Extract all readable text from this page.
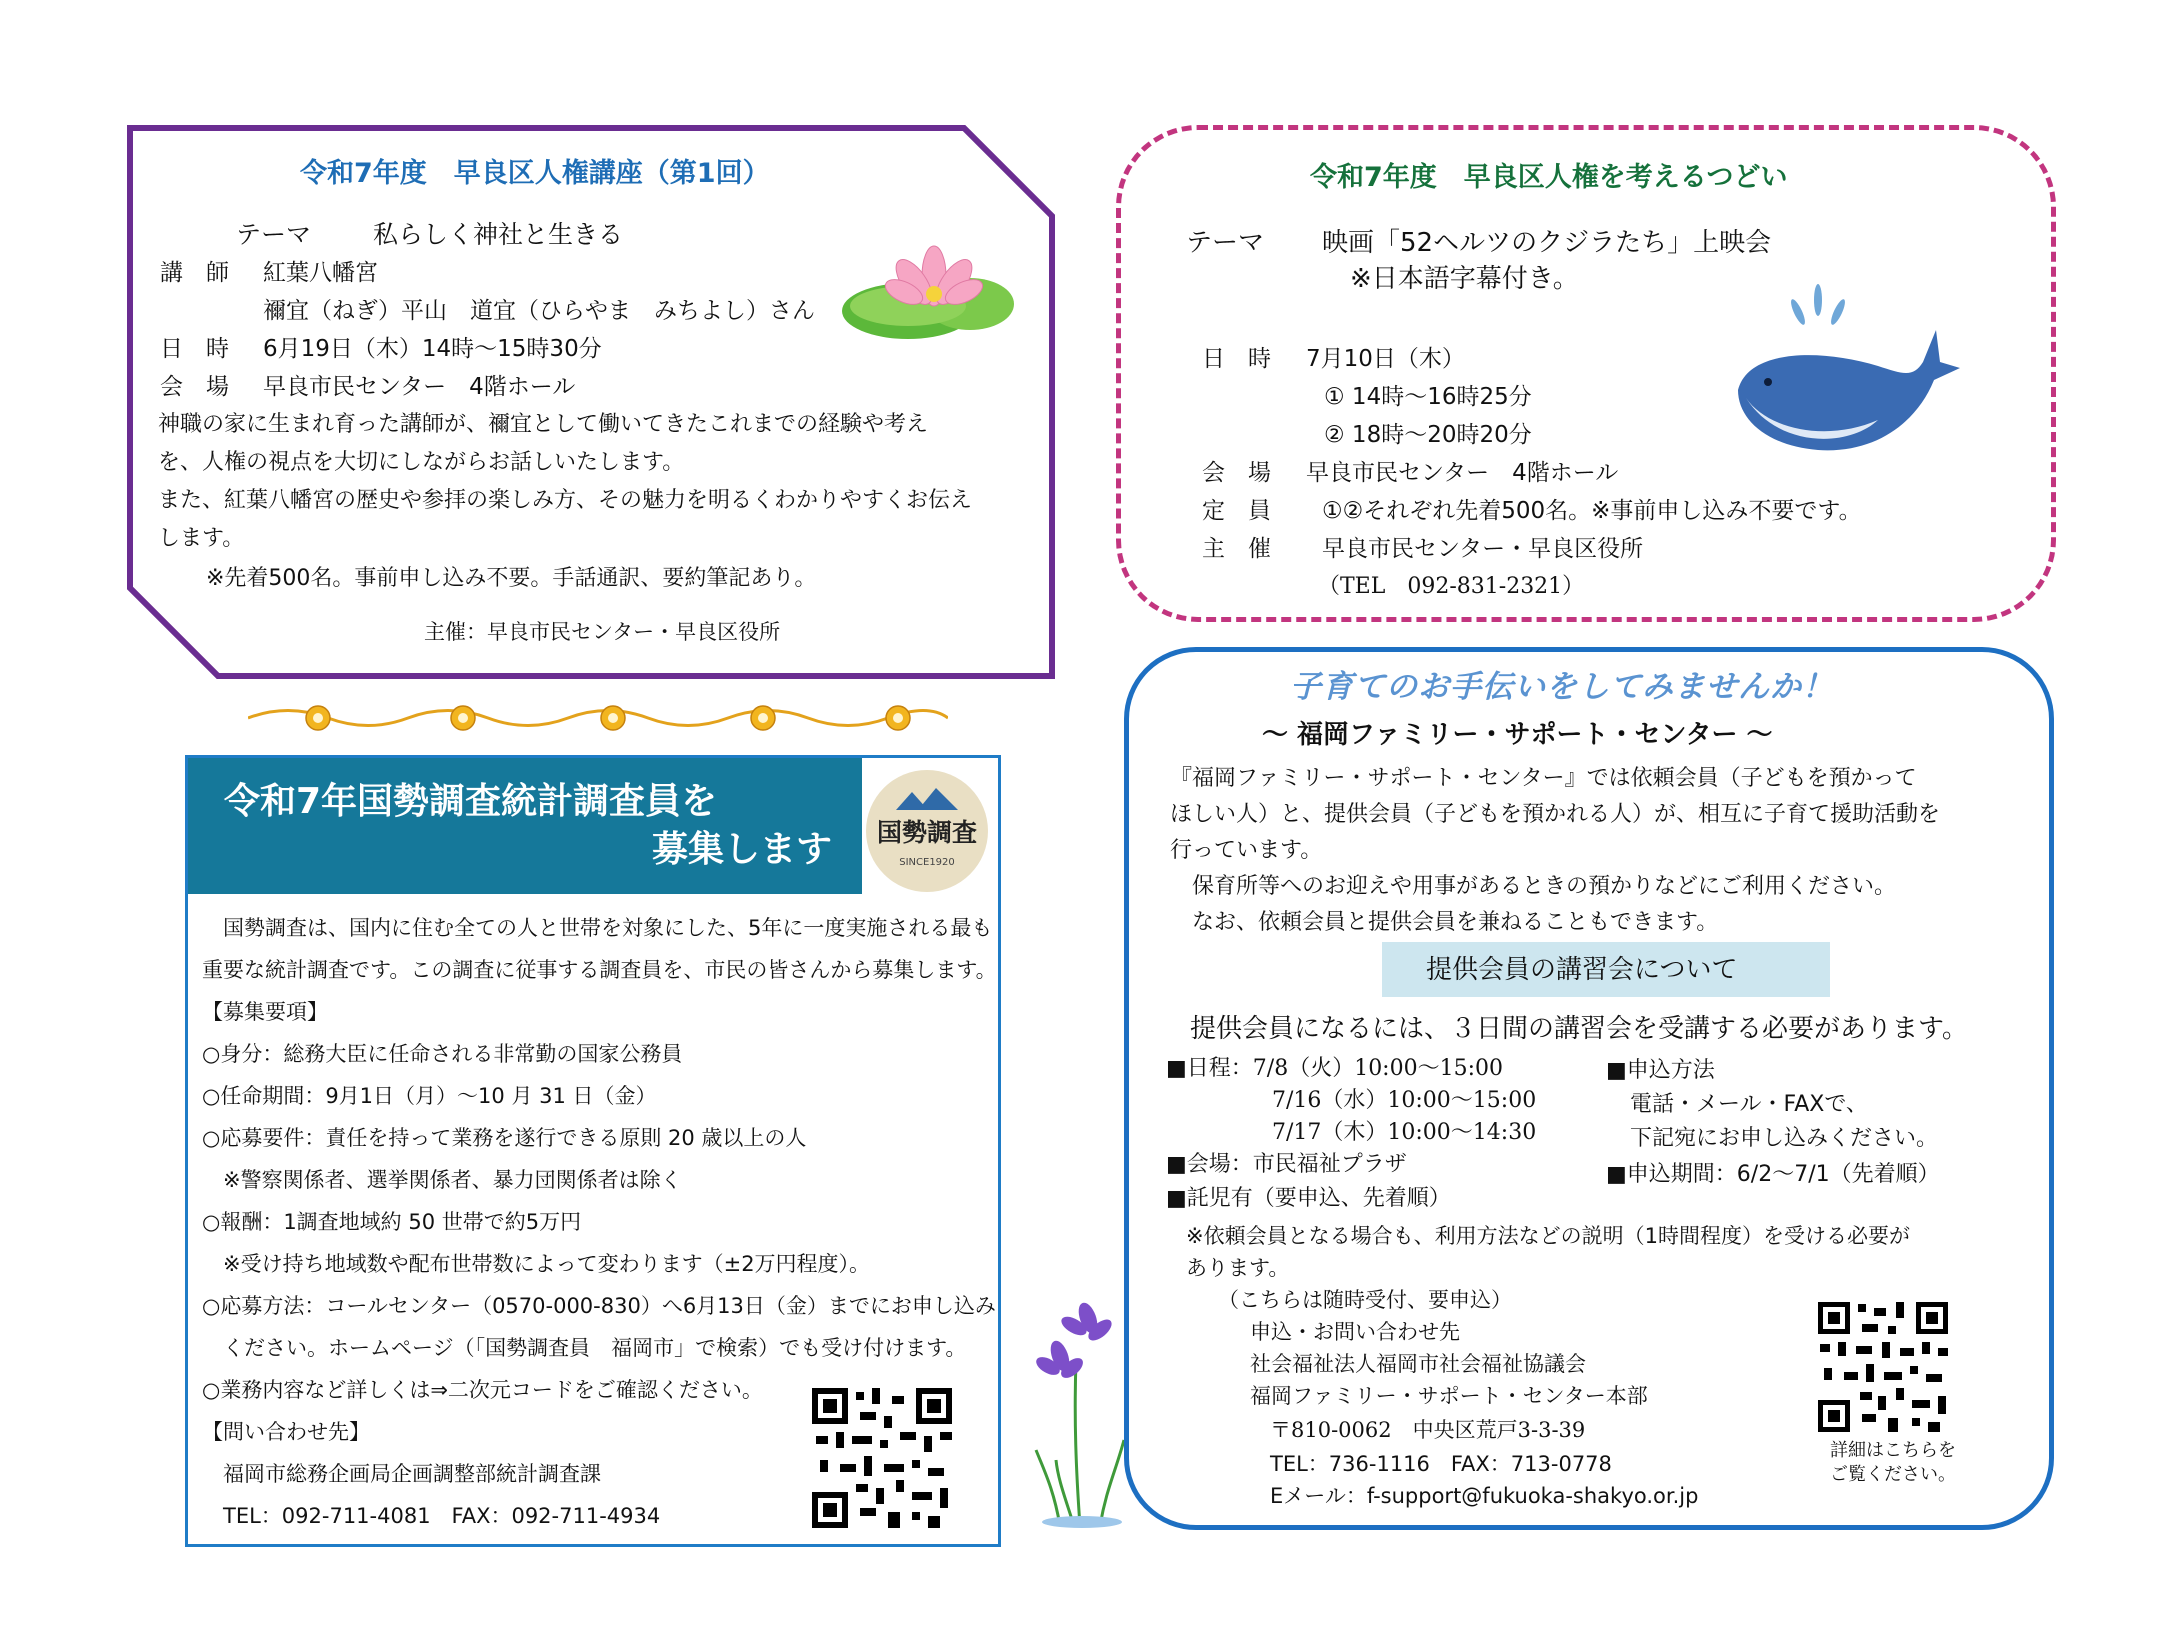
令和7年度　早良区人権講座（第1回）
テーマ 私らしく神社と生きる
講　師 紅葉八幡宮
禰宜（ねぎ）平山　道宜（ひらやま　みちよし）さん
日　時 6月19日（木）14時～15時30分
会　場 早良市民センター　4階ホール
神職の家に生まれ育った講師が、禰宜として働いてきたこれまでの経験や考え
を、人権の視点を大切にしながらお話しいたします。
また、紅葉八幡宮の歴史や参拝の楽しみ方、その魅力を明るくわかりやすくお伝え
します。
※先着500名。事前申し込み不要。手話通訳、要約筆記あり。
主催：早良市民センター・早良区役所
令和7年度　早良区人権を考えるつどい
テーマ 映画「52ヘルツのクジラたち」上映会
※日本語字幕付き。
日　時 7月10日（木）
① 14時～16時25分
② 18時～20時20分
会　場 早良市民センター　4階ホール
定　員 ①②それぞれ先着500名。※事前申し込み不要です。
主　催 早良市民センター・早良区役所
（TEL　092-831-2321）
令和7年国勢調査統計調査員を
募集します	国勢調査
SINCE1920
　国勢調査は、国内に住む全ての人と世帯を対象にした、5年に一度実施される最も
重要な統計調査です。この調査に従事する調査員を、市民の皆さんから募集します。
【募集要項】
○身分：総務大臣に任命される非常勤の国家公務員
○任命期間：9月1日（月）～10 月 31 日（金）
○応募要件：責任を持って業務を遂行できる原則 20 歳以上の人
　※警察関係者、選挙関係者、暴力団関係者は除く
○報酬：1調査地域約 50 世帯で約5万円
　※受け持ち地域数や配布世帯数によって変わります（±2万円程度）。
○応募方法：コールセンター（0570-000-830）へ6月13日（金）までにお申し込み
　ください。ホームページ（「国勢調査員　福岡市」で検索）でも受け付けます。
○業務内容など詳しくは⇒二次元コードをご確認ください。
【問い合わせ先】
　福岡市総務企画局企画調整部統計調査課
　TEL：092-711-4081　FAX：092-711-4934
子育てのお手伝いをしてみませんか！
～ 福岡ファミリー・サポート・センター ～
『福岡ファミリー・サポート・センター』では依頼会員（子どもを預かって
ほしい人）と、提供会員（子どもを預かれる人）が、相互に子育て援助活動を
行っています。
　保育所等へのお迎えや用事があるときの預かりなどにご利用ください。
　なお、依頼会員と提供会員を兼ねることもできます。
提供会員の講習会について
提供会員になるには、３日間の講習会を受講する必要があります。
■日程：7/8（火）10:00～15:00
7/16（水）10:00～15:00
7/17（木）10:00～14:30
■会場：市民福祉プラザ
■託児有（要申込、先着順）
■申込方法
電話・メール・FAXで、
下記宛にお申し込みください。
■申込期間：6/2～7/1（先着順）
※依頼会員となる場合も、利用方法などの説明（1時間程度）を受ける必要が
あります。
（こちらは随時受付、要申込）
申込・お問い合わせ先
社会福祉法人福岡市社会福祉協議会
福岡ファミリー・サポート・センター本部
〒810-0062　中央区荒戸3-3-39
TEL：736-1116　FAX：713-0778
Eメール：f-support@fukuoka-shakyo.or.jp
詳細はこちらを
ご覧ください。
